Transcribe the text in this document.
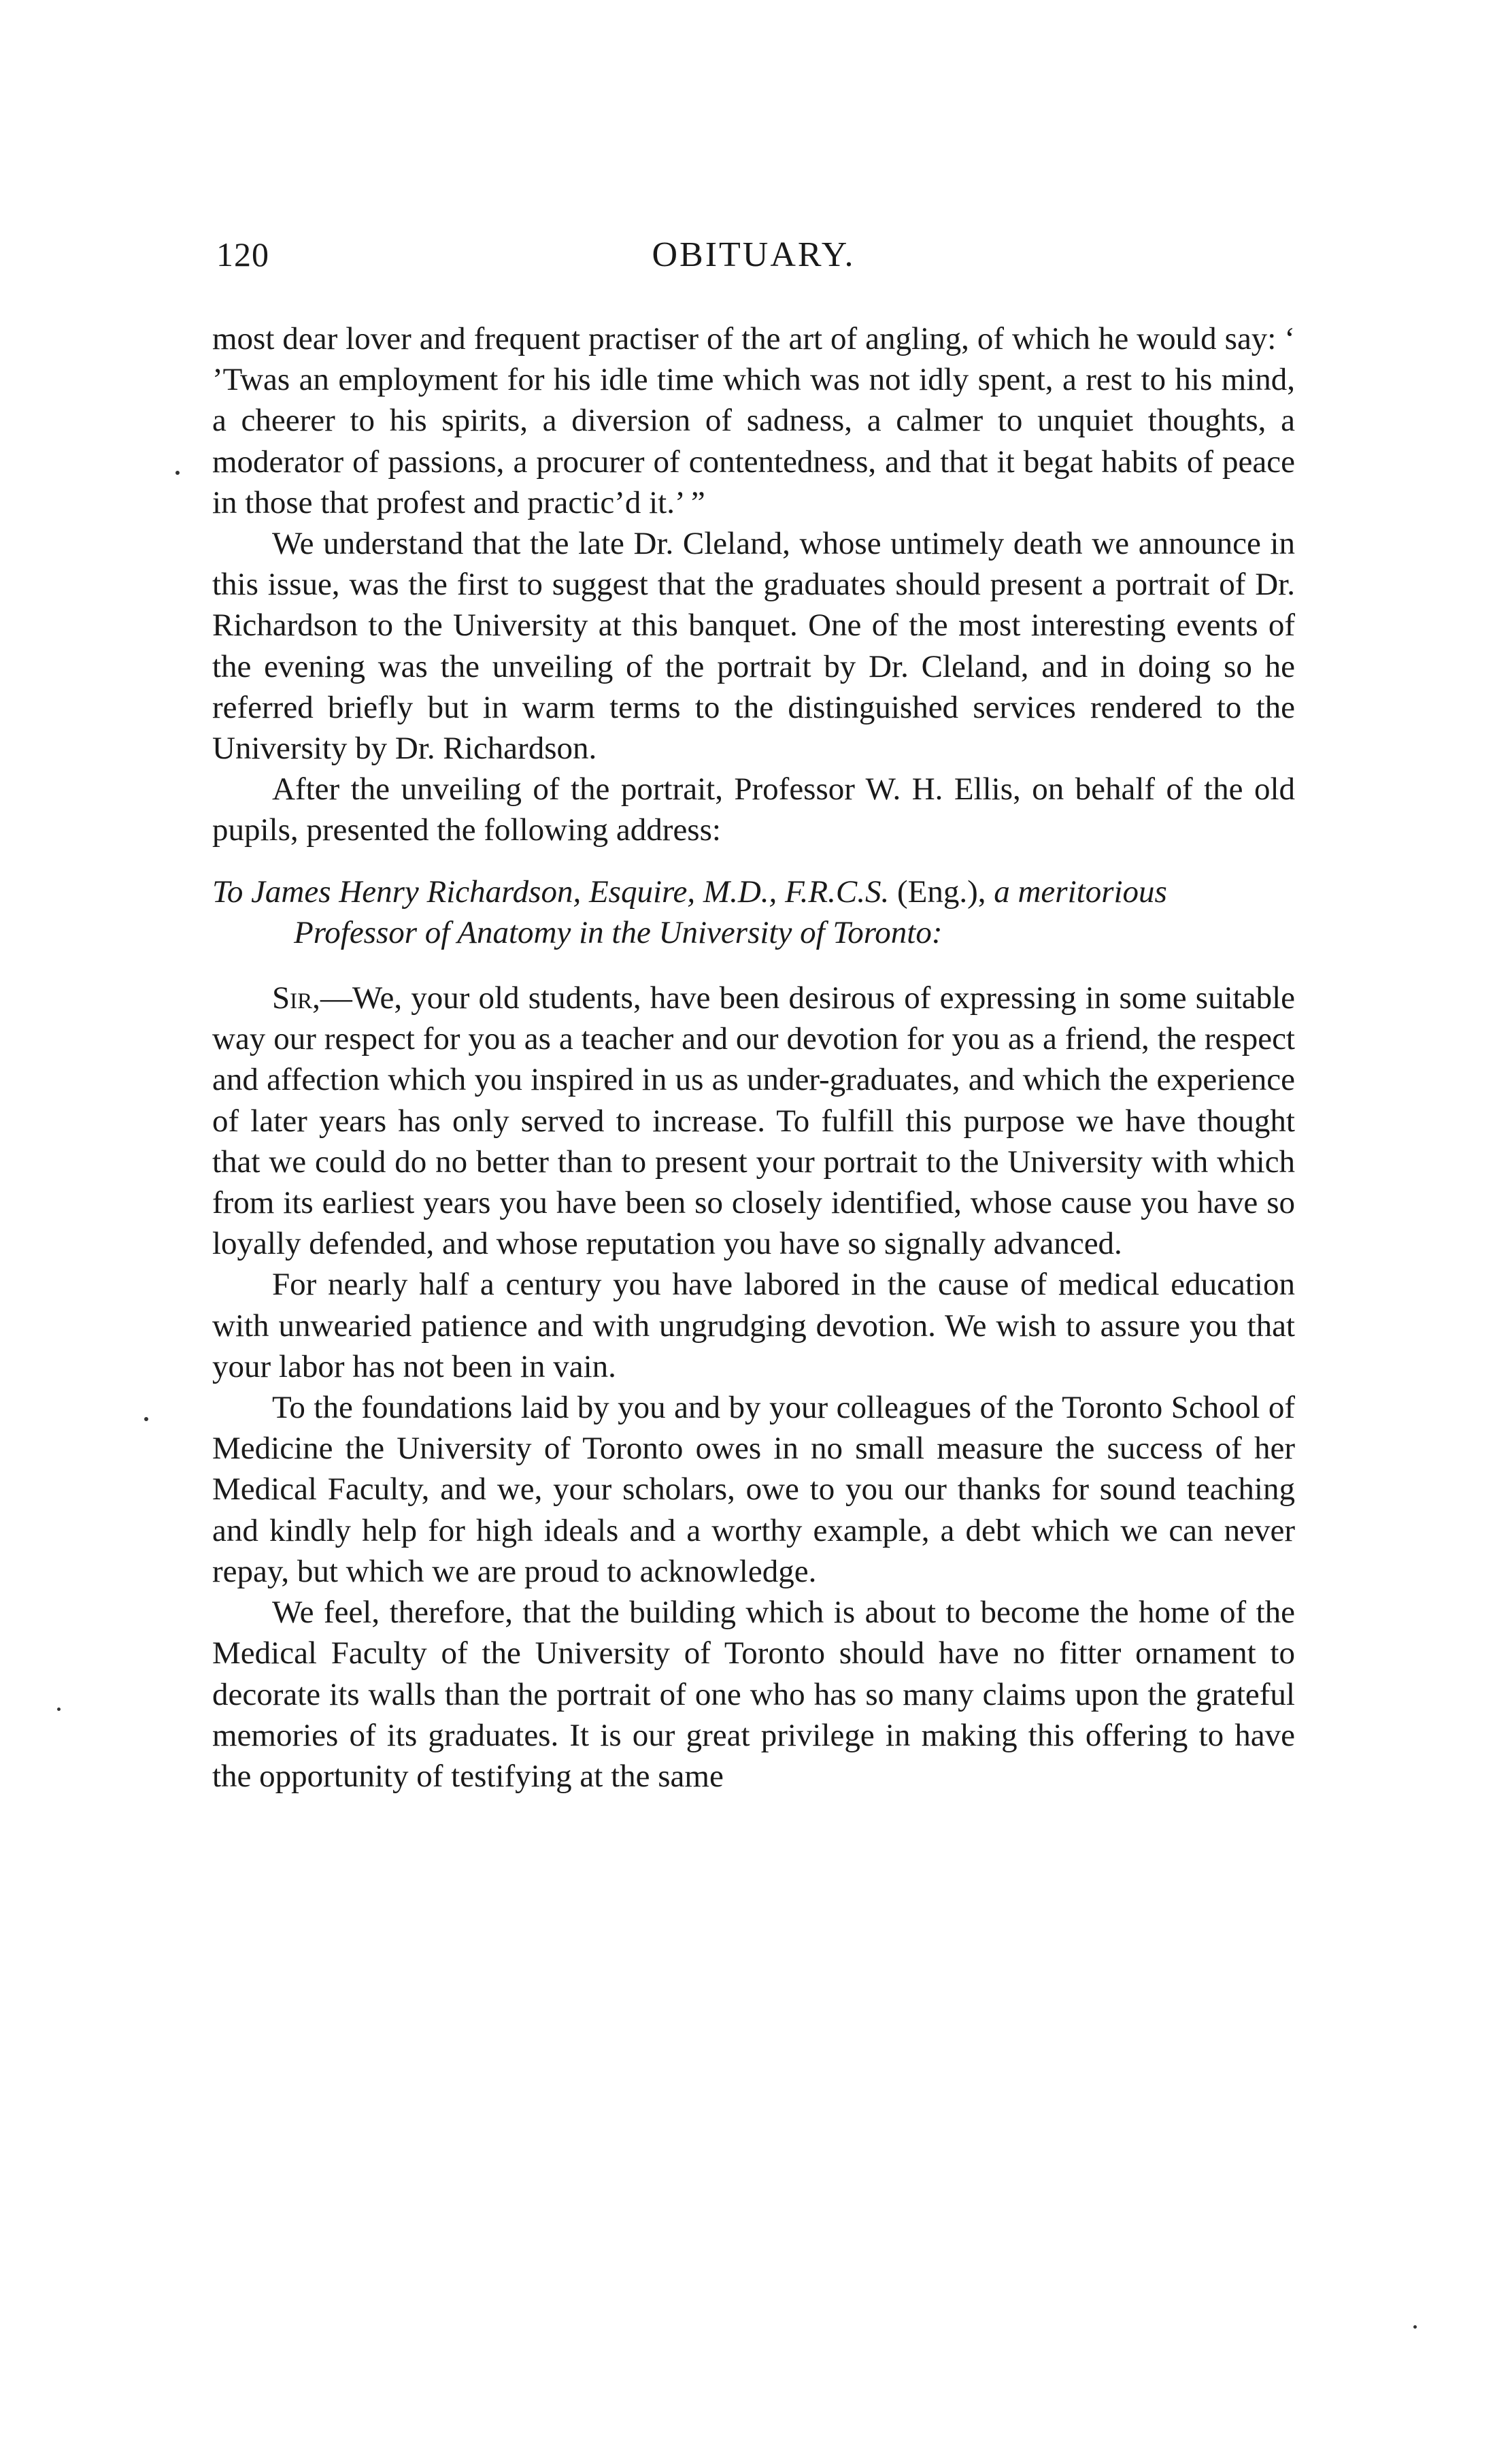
120	OBITUARY.

most dear lover and frequent practiser of the art of angling, of which he would say: ‘ ’Twas an employment for his idle time which was not idly spent, a rest to his mind, a cheerer to his spirits, a diversion of sadness, a calmer to unquiet thoughts, a moderator of passions, a procurer of contentedness, and that it begat habits of peace in those that profest and practic’d it.’ ”

We understand that the late Dr. Cleland, whose untimely death we announce in this issue, was the first to suggest that the graduates should present a portrait of Dr. Richardson to the University at this banquet. One of the most interesting events of the evening was the unveiling of the portrait by Dr. Cleland, and in doing so he referred briefly but in warm terms to the distinguished services rendered to the University by Dr. Richardson.

After the unveiling of the portrait, Professor W. H. Ellis, on behalf of the old pupils, presented the following address:

To James Henry Richardson, Esquire, M.D., F.R.C.S. (Eng.), a meritorious Professor of Anatomy in the University of Toronto:

Sir,—We, your old students, have been desirous of expressing in some suitable way our respect for you as a teacher and our devotion for you as a friend, the respect and affection which you inspired in us as under-graduates, and which the experience of later years has only served to increase. To fulfill this purpose we have thought that we could do no better than to present your portrait to the University with which from its earliest years you have been so closely identified, whose cause you have so loyally defended, and whose reputation you have so signally advanced.

For nearly half a century you have labored in the cause of medical education with unwearied patience and with ungrudging devotion. We wish to assure you that your labor has not been in vain.

To the foundations laid by you and by your colleagues of the Toronto School of Medicine the University of Toronto owes in no small measure the success of her Medical Faculty, and we, your scholars, owe to you our thanks for sound teaching and kindly help for high ideals and a worthy example, a debt which we can never repay, but which we are proud to acknowledge.

We feel, therefore, that the building which is about to become the home of the Medical Faculty of the University of Toronto should have no fitter ornament to decorate its walls than the portrait of one who has so many claims upon the grateful memories of its graduates. It is our great privilege in making this offering to have the opportunity of testifying at the same
